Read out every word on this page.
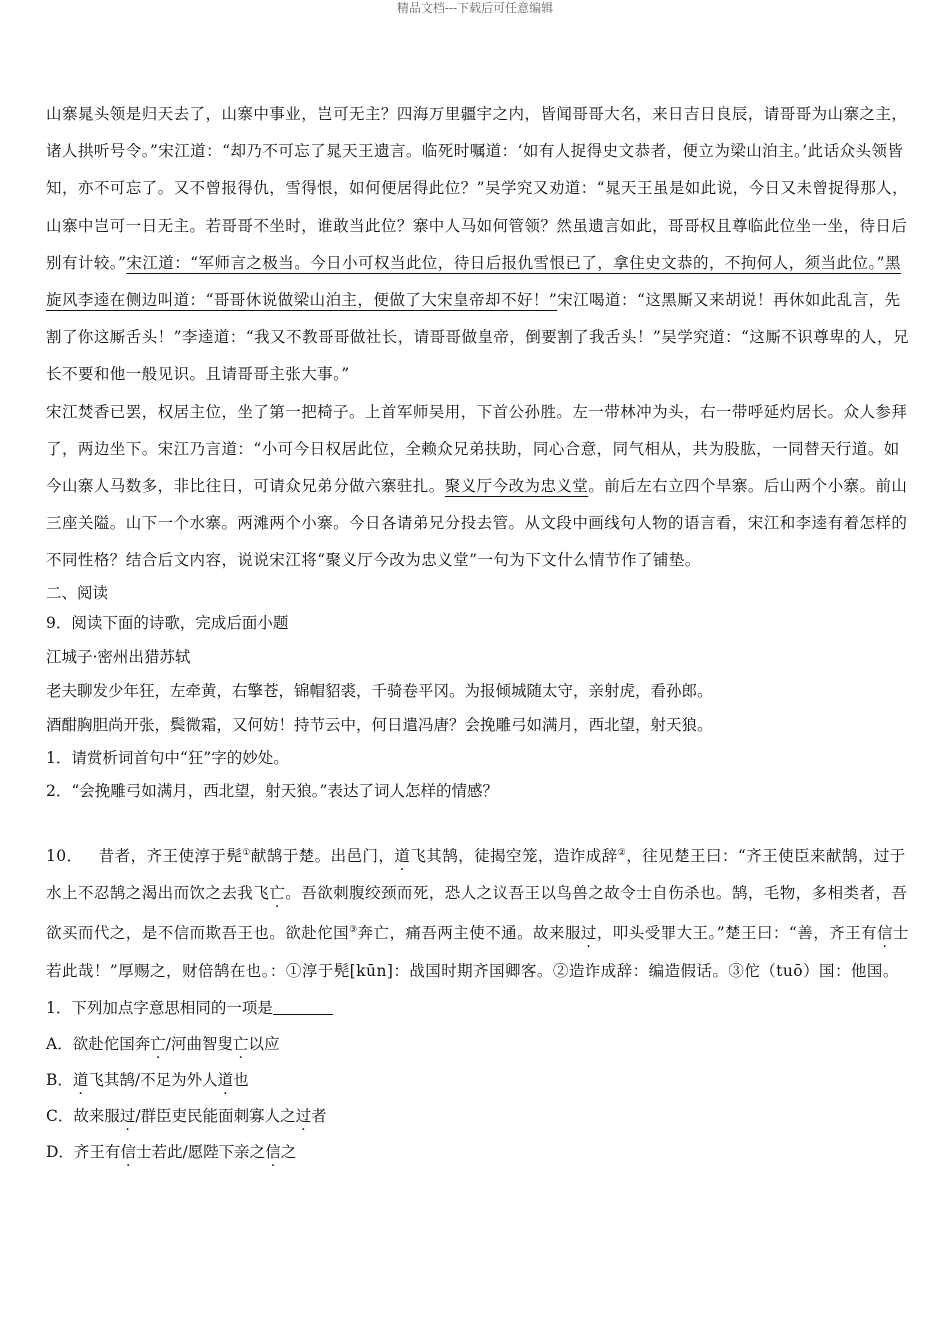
精品文档---下载后可任意编辑

山寨晁头领是归天去了，山寨中事业，岂可无主？四海万里疆宇之内，皆闻哥哥大名，来日吉日良辰，请哥哥为山寨之主，诸人拱听号令。”宋江道：“却乃不可忘了晁天王遗言。临死时嘱道：‘如有人捉得史文恭者，便立为梁山泊主。’此话众头领皆知，亦不可忘了。又不曾报得仇，雪得恨，如何便居得此位？”吴学究又劝道：“晁天王虽是如此说，今日又未曾捉得那人，山寨中岂可一日无主。若哥哥不坐时，谁敢当此位？寨中人马如何管领？然虽遗言如此，哥哥权且尊临此位坐一坐，待日后别有计较。”宋江道：“军师言之极当。今日小可权当此位，待日后报仇雪恨已了，拿住史文恭的，不拘何人，须当此位。”黑旋风李逵在侧边叫道：“哥哥休说做梁山泊主，便做了大宋皇帝却不好！”宋江喝道：“这黑厮又来胡说！再休如此乱言，先割了你这厮舌头！”李逵道：“我又不教哥哥做社长，请哥哥做皇帝，倒要割了我舌头！”吴学究道：“这厮不识尊卑的人，兄长不要和他一般见识。且请哥哥主张大事。”

宋江焚香已罢，权居主位，坐了第一把椅子。上首军师吴用，下首公孙胜。左一带林冲为头，右一带呼延灼居长。众人参拜了，两边坐下。宋江乃言道：“小可今日权居此位，全赖众兄弟扶助，同心合意，同气相从，共为股肱，一同替天行道。如今山寨人马数多，非比往日，可请众兄弟分做六寨驻扎。聚义厅今改为忠义堂。前后左右立四个旱寨。后山两个小寨。前山三座关隘。山下一个水寨。两滩两个小寨。今日各请弟兄分投去管。从文段中画线句人物的语言看，宋江和李逵有着怎样的不同性格？结合后文内容，说说宋江将“聚义厅今改为忠义堂”一句为下文什么情节作了铺垫。

二、阅读

9．阅读下面的诗歌，完成后面小题

江城子·密州出猎苏轼

老夫聊发少年狂，左牵黄，右擎苍，锦帽貂裘，千骑卷平冈。为报倾城随太守，亲射虎，看孙郎。

酒酣胸胆尚开张，鬓微霜，又何妨！持节云中，何日遣冯唐？会挽雕弓如满月，西北望，射天狼。

1．请赏析词首句中“狂”字的妙处。

2．“会挽雕弓如满月，西北望，射天狼。”表达了词人怎样的情感？

10． 昔者，齐王使淳于髡①献鹄于楚。出邑门，道飞其鹄，徒揭空笼，造诈成辞②，往见楚王曰：“齐王使臣来献鹄，过于水上不忍鹄之渴出而饮之去我飞亡。吾欲刺腹绞颈而死，恐人之议吾王以鸟兽之故令士自伤杀也。鹄，毛物，多相类者，吾欲买而代之，是不信而欺吾王也。欲赴佗国③奔亡，痛吾两主使不通。故来服过，叩头受罪大王。”楚王曰：“善，齐王有信士若此哉！”厚赐之，财倍鹄在也。：①淳于髡[kūn]：战国时期齐国卿客。②造诈成辞：编造假话。③佗（tuō）国：他国。

1．下列加点字意思相同的一项是

A．欲赴佗国奔亡/河曲智叟亡以应

B．道飞其鹄/不足为外人道也

C．故来服过/群臣吏民能面刺寡人之过者

D．齐王有信士若此/愿陛下亲之信之
